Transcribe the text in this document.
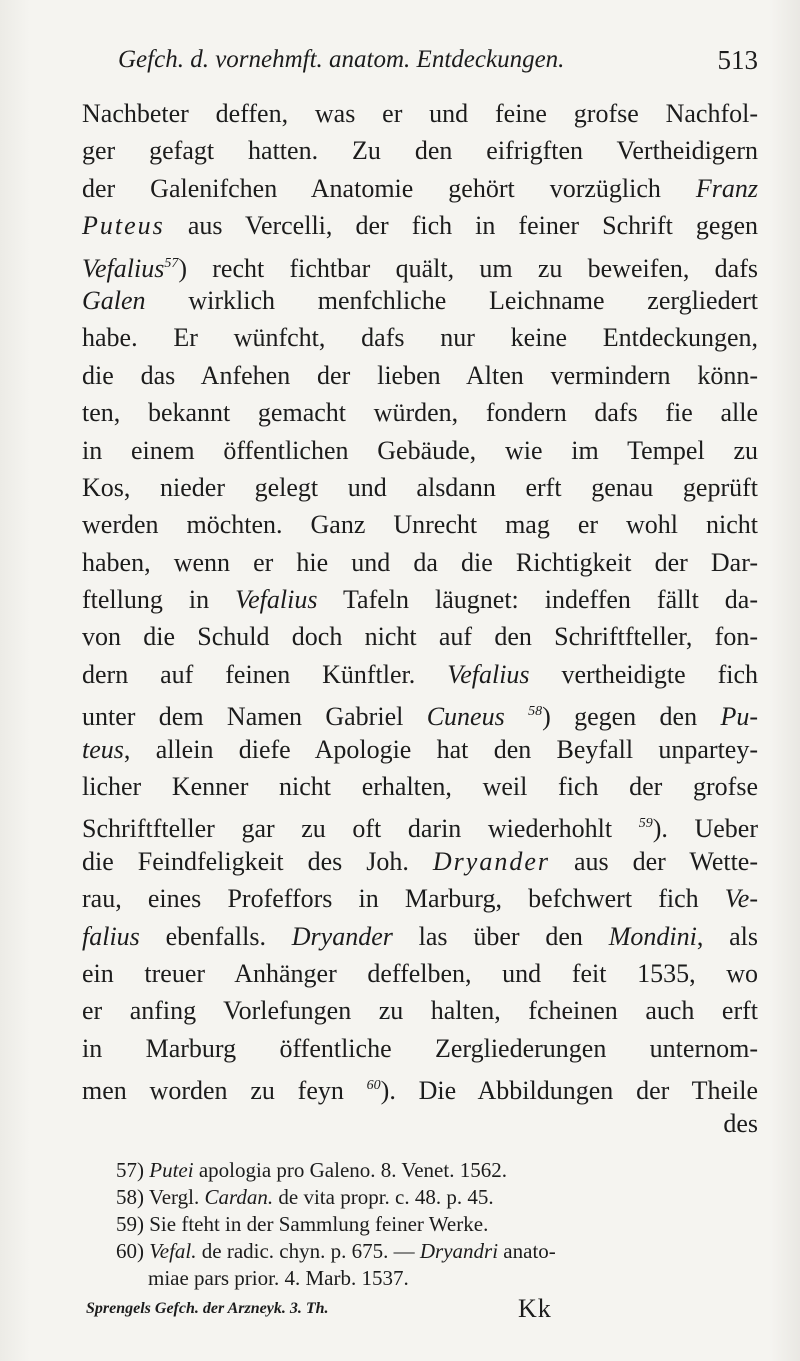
Gefch. d. vornehmft. anatom. Entdeckungen.	513
Nachbeter deffen, was er und feine grofse Nachfol-
ger gefagt hatten. Zu den eifrigften Vertheidigern
der Galenifchen Anatomie gehört vorzüglich Franz
Puteus aus Vercelli, der fich in feiner Schrift gegen
Vefalius$^{57}$) recht fichtbar quält, um zu beweifen, dafs
Galen wirklich menfchliche Leichname zergliedert
habe. Er wünfcht, dafs nur keine Entdeckungen,
die das Anfehen der lieben Alten vermindern könn-
ten, bekannt gemacht würden, fondern dafs fie alle
in einem öffentlichen Gebäude, wie im Tempel zu
Kos, nieder gelegt und alsdann erft genau geprüft
werden möchten. Ganz Unrecht mag er wohl nicht
haben, wenn er hie und da die Richtigkeit der Dar-
ftellung in Vefalius Tafeln läugnet: indeffen fällt da-
von die Schuld doch nicht auf den Schriftfteller, fon-
dern auf feinen Künftler. Vefalius vertheidigte fich
unter dem Namen Gabriel Cuneus $^{58}$) gegen den Pu-
teus, allein diefe Apologie hat den Beyfall unpartey-
licher Kenner nicht erhalten, weil fich der grofse
Schriftfteller gar zu oft darin wiederhohlt $^{59}$). Ueber
die Feindfeligkeit des Joh. Dryander aus der Wette-
rau, eines Profeffors in Marburg, befchwert fich Ve-
falius ebenfalls. Dryander las über den Mondini, als
ein treuer Anhänger deffelben, und feit 1535, wo
er anfing Vorlefungen zu halten, fcheinen auch erft
in Marburg öffentliche Zergliederungen unternom-
men worden zu feyn $^{60}$). Die Abbildungen der Theile
des
57) Putei apologia pro Galeno. 8. Venet. 1562.
58) Vergl. Cardan. de vita propr. c. 48. p. 45.
59) Sie fteht in der Sammlung feiner Werke.
60) Vefal. de radic. chyn. p. 675. — Dryandri anato-
miae pars prior. 4. Marb. 1537.
Sprengels Gefch. der Arzneyk. 3. Th.	Kk
